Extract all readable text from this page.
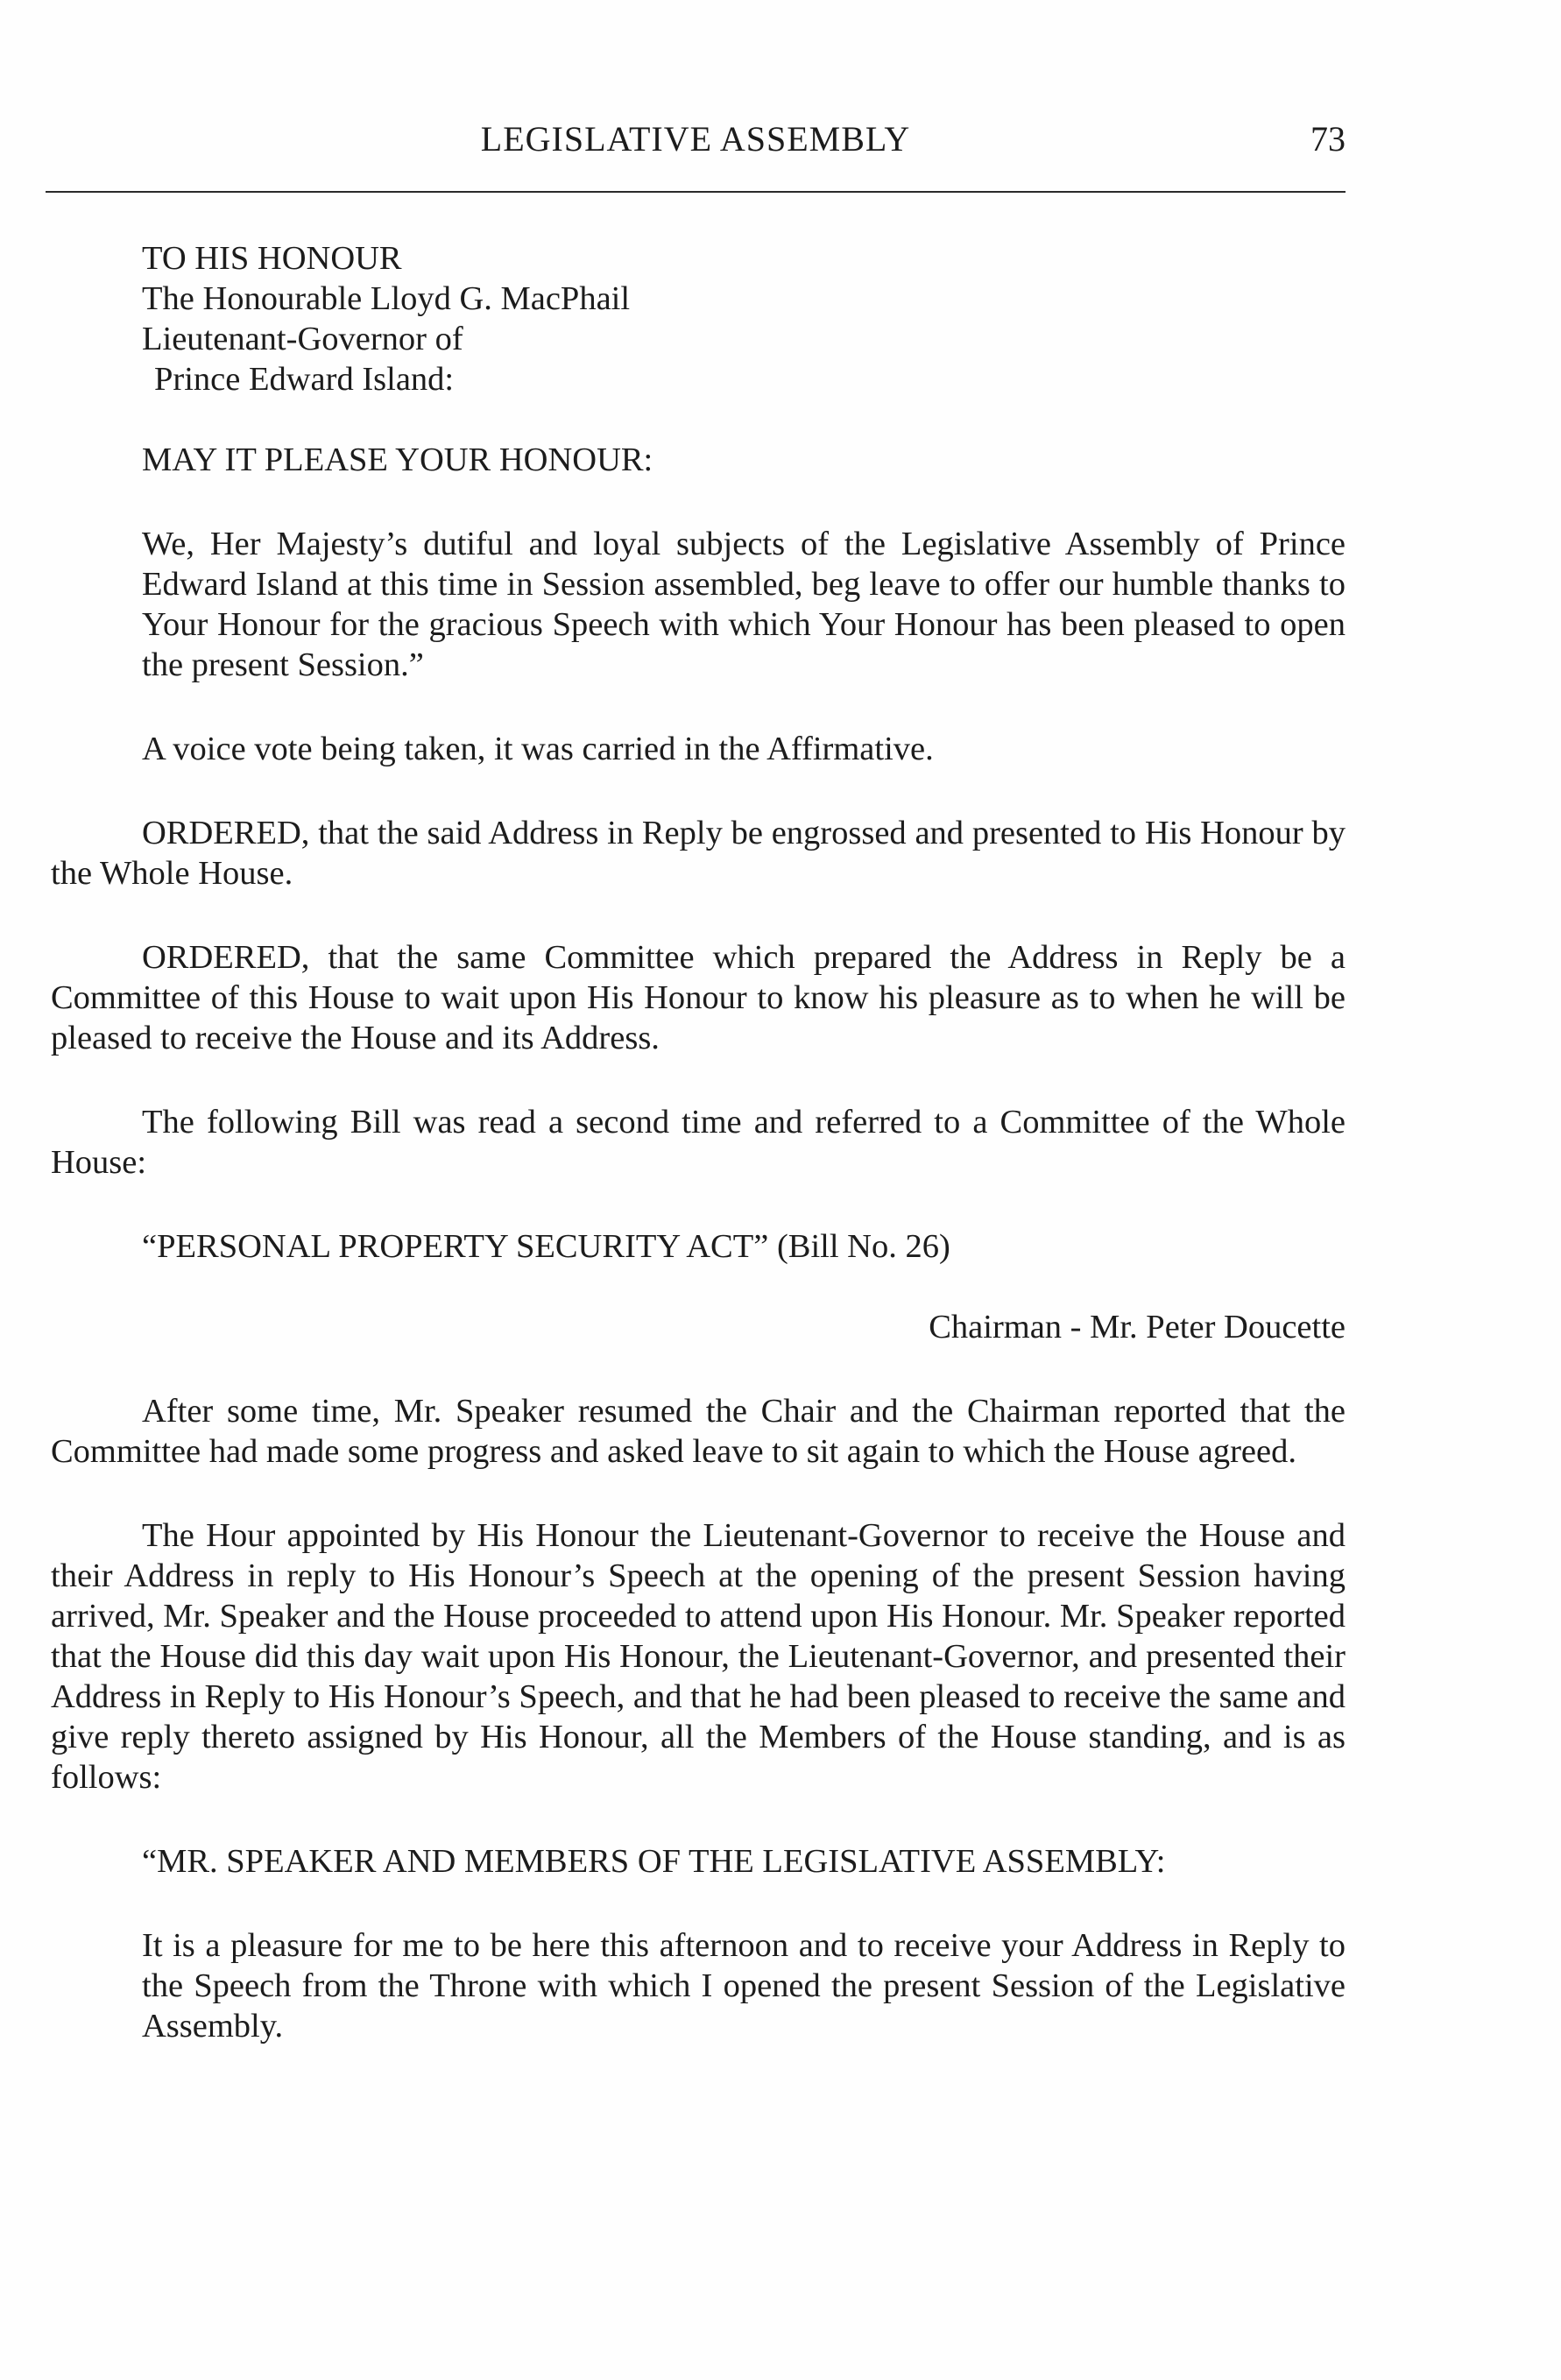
LEGISLATIVE ASSEMBLY	73

TO HIS HONOUR

The Honourable Lloyd G. MacPhail

Lieutenant-Governor of

Prince Edward Island:

MAY IT PLEASE YOUR HONOUR:

We, Her Majesty’s dutiful and loyal subjects of the Legislative Assembly of Prince Edward Island at this time in Session assembled, beg leave to offer our humble thanks to Your Honour for the gracious Speech with which Your Honour has been pleased to open the present Session.”

A voice vote being taken, it was carried in the Affirmative.

ORDERED, that the said Address in Reply be engrossed and presented to His Honour by the Whole House.

ORDERED, that the same Committee which prepared the Address in Reply be a Committee of this House to wait upon His Honour to know his pleasure as to when he will be pleased to receive the House and its Address.

The following Bill was read a second time and referred to a Committee of the Whole House:

“PERSONAL PROPERTY SECURITY ACT” (Bill No. 26)

Chairman - Mr. Peter Doucette

After some time, Mr. Speaker resumed the Chair and the Chairman reported that the Committee had made some progress and asked leave to sit again to which the House agreed.

The Hour appointed by His Honour the Lieutenant-Governor to receive the House and their Address in reply to His Honour’s Speech at the opening of the present Session having arrived, Mr. Speaker and the House proceeded to attend upon His Honour. Mr. Speaker reported that the House did this day wait upon His Honour, the Lieutenant-Governor, and presented their Address in Reply to His Honour’s Speech, and that he had been pleased to receive the same and give reply thereto assigned by His Honour, all the Members of the House standing, and is as follows:

“MR. SPEAKER AND MEMBERS OF THE LEGISLATIVE ASSEMBLY:

It is a pleasure for me to be here this afternoon and to receive your Address in Reply to the Speech from the Throne with which I opened the present Session of the Legislative Assembly.
